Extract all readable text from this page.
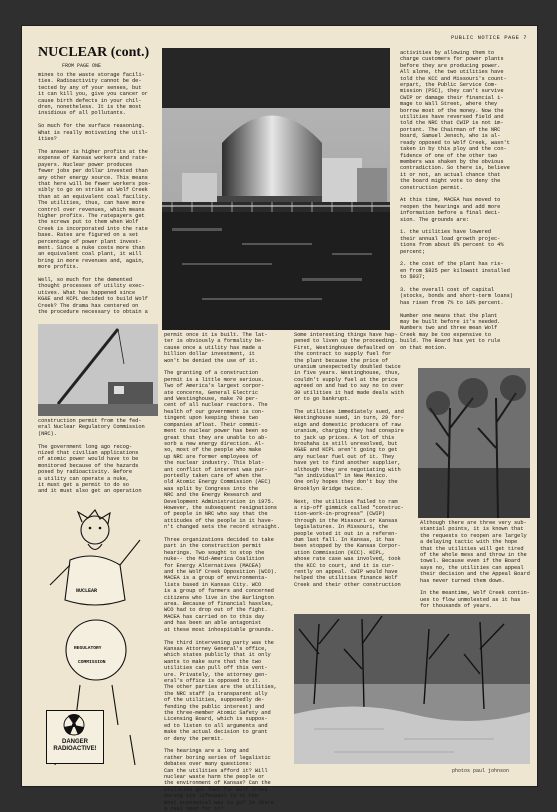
PUBLIC NOTICE PAGE 7
NUCLEAR (cont.)
FROM PAGE ONE
mines to the waste storage facili-
ties. Radioactivity cannot be de-
tected by any of your senses, but
it can kill you, give you cancer or
cause birth defects in your chil-
dren, nonetheless. It is the most
insidious of all pollutants.

So much for the surface reasoning.
What is really motivating the util-
ities?

The answer is higher profits at the
expense of Kansas workers and rate-
payers. Nuclear power produces
fewer jobs per dollar invested than
any other energy source. This means
that here will be fewer workers pos-
sibly to go on strike at Wolf Creek
than at an equivalent coal facility.
The utilities, thus, can have more
control over revenues, which means
higher profits. The ratepayers get
the screws put to them when Wolf
Creek is incorporated into the rate
base. Rates are figured on a set
percentage of power plant invest-
ment. Since a nuke costs more than
an equivalent coal plant, it will
bring in more revenues and, again,
more profits.

Well, so much for the demented
thought processes of utility exec-
utives. What has happened since
KG&E and KCPL decided to build Wolf
Creek? The drama has centered on
the procedure necessary to obtain a
construction permit from the fed-
eral Nuclear Regulatory Commission
(NRC).

The government long ago recog-
nized that civilian applications
of atomic power would have to be
monitored because of the hazards
posed by radioactivity. Before
a utility can operate a nuke,
it must get a permit to do so
and it must also get an operation
NUCLEAR
REGULATORY
COMMISSION
DANGER RADIOACTIVE!
permit once it is built. The lat-
ter is obviously a formality be-
cause once a utility has made a
billion dollar investment, it
won't be denied the use of it.

The granting of a construction
permit is a little more serious.
Two of America's largest corpor-
ate concerns, General Electric
and Westinghouse, make 70 per-
cent of all nuclear reactors. The
health of our government is con-
tingent upon keeping these two
companies afloat. Their commit-
ment to nuclear power has been so
great that they are unable to ab-
sorb a new energy direction. Al-
so, most of the people who make
up NRC are former employees of
the nuclear industry. This blat-
ant conflict of interest was pur-
portedly taken care of when the
old Atomic Energy Commission (AEC)
was split by Congress into the
NRC and the Energy Research and
Development Administration in 1975.
However, the subsequent resignations
of people in NRC who say that the
attitudes of the people in it have-
n't changed sets the record straight.

Three organizations decided to take
part in the construction permit
hearings. Two sought to stop the
nuke-- the Mid-America Coalition
for Energy Alternatives (MACEA)
and the Wolf Creek Opposition (WCO).
MACEA is a group of environmenta-
lists based in Kansas City. WCO
is a group of farmers and concerned
citizens who live in the Burlington
area. Because of financial hassles,
WCO had to drop out of the fight.
MACEA has carried on to this day
and has been an able antagonist
at these most inhospitable grounds.

The third intervening party was the
Kansas Attorney General's office,
which states publicly that it only
wants to make sure that the two
utilities can pull off this vent-
ure. Privately, the attorney gen-
eral's office is opposed to it.
The other parties are the utilities,
the NRC staff (a transparent ally
of the utilities, supposedly de-
fending the public interest) and
the three-member Atomic Safety and
Licensing Board, which is suppos-
ed to listen to all arguments and
make the actual decision to grant
or deny the permit.

The hearings are a long and
rather boring series of legalistic
debates over many questions:
Can the utilities afford it? Will
nuclear waste harm the people or
the environment of Kansas? Can the
utilities get fuel for Wolf Creek
during its lifespan? Is it the
most economical way to go? Is there
a real need for it?
Some interesting things have hap-
pened to liven up the proceeding.
First, Westinghouse defaulted on
the contract to supply fuel for
the plant because the price of
uranium unexpectedly doubled twice
in five years. Westinghouse, thus,
couldn't supply fuel at the price
agreed on and had to say no to over
30 utilities it had made deals with
or to go bankrupt.

The utilities immediately sued, and
Westinghouse sued, in turn, 29 for-
eign and domestic producers of raw
uranium, charging they had conspire
to jack up prices. A lot of this
brouhaha is still unresolved, but
KG&E and KCPL aren't going to get
any nuclear fuel out of it. They
have yet to find another supplier,
although they are negotiating with
"an individual" in New Mexico.
One only hopes they don't buy the
Brooklyn Bridge twice.

Next, the utilities failed to ram
a rip-off gimmick called "construc-
tion-work-in-progress" (CWIP)
through in the Missouri or Kansas
legislatures. In Missouri, the
people voted it out in a referen-
dum last fall. In Kansas, it has
been stopped by the Kansas Corpor-
ation Commission (KCC). KCPL,
whose rate case was involved, took
the KCC to court, and it is cur-
rently on appeal. CWIP would have
helped the utilities finance Wolf
Creek and their other construction
activities by allowing them to
charge customers for power plants
before they are producing power.
All alone, the two utilities have
told the KCC and Missouri's count-
erpart, the Public Service Com-
mission (PSC), they can't survive
CWIP or damage their financial i-
mage to Wall Street, where they
borrow most of the money. Now the
utilities have reversed field and
told the NRC that CWIP is not im-
portant. The Chairman of the NRC
board, Samuel Jensch, who is al-
ready opposed to Wolf Creek, wasn't
taken in by this ploy and the con-
fidence of one of the other two
members was shaken by the obvious
contradiction. So there is, believe
it or not, an actual chance that
the board might vote to deny the
construction permit.

At this time, MACEA has moved to
reopen the hearings and add more
information before a final deci-
sion. The grounds are:

1. the utilities have lowered
their annual load growth projec-
tions from about 6% percent to 4%
percent;

2. the cost of the plant has ris-
en from $825 per kilowatt installed
to $937;

3. the overall cost of capital
(stocks, bonds and short-term loans)
has risen from 7% to 10% percent.

Number one means that the plant
may be built before it's needed.
Numbers two and three mean Wolf
Creek may be too expensive to
build. The Board has yet to rule
on that motion.
Although there are three very sub-
stantial points, it is known that
the requests to reopen are largely
a delaying tactic with the hope
that the utilities will get tired
of the whole mess and throw in the
towel. Because even if the Board
says no, the utilities can appeal
their decision and the Appeal Board
has never turned them down.

In the meantime, Wolf Creek contin-
ues to flow unmolested as it has
for thousands of years.
photos paul johnson
